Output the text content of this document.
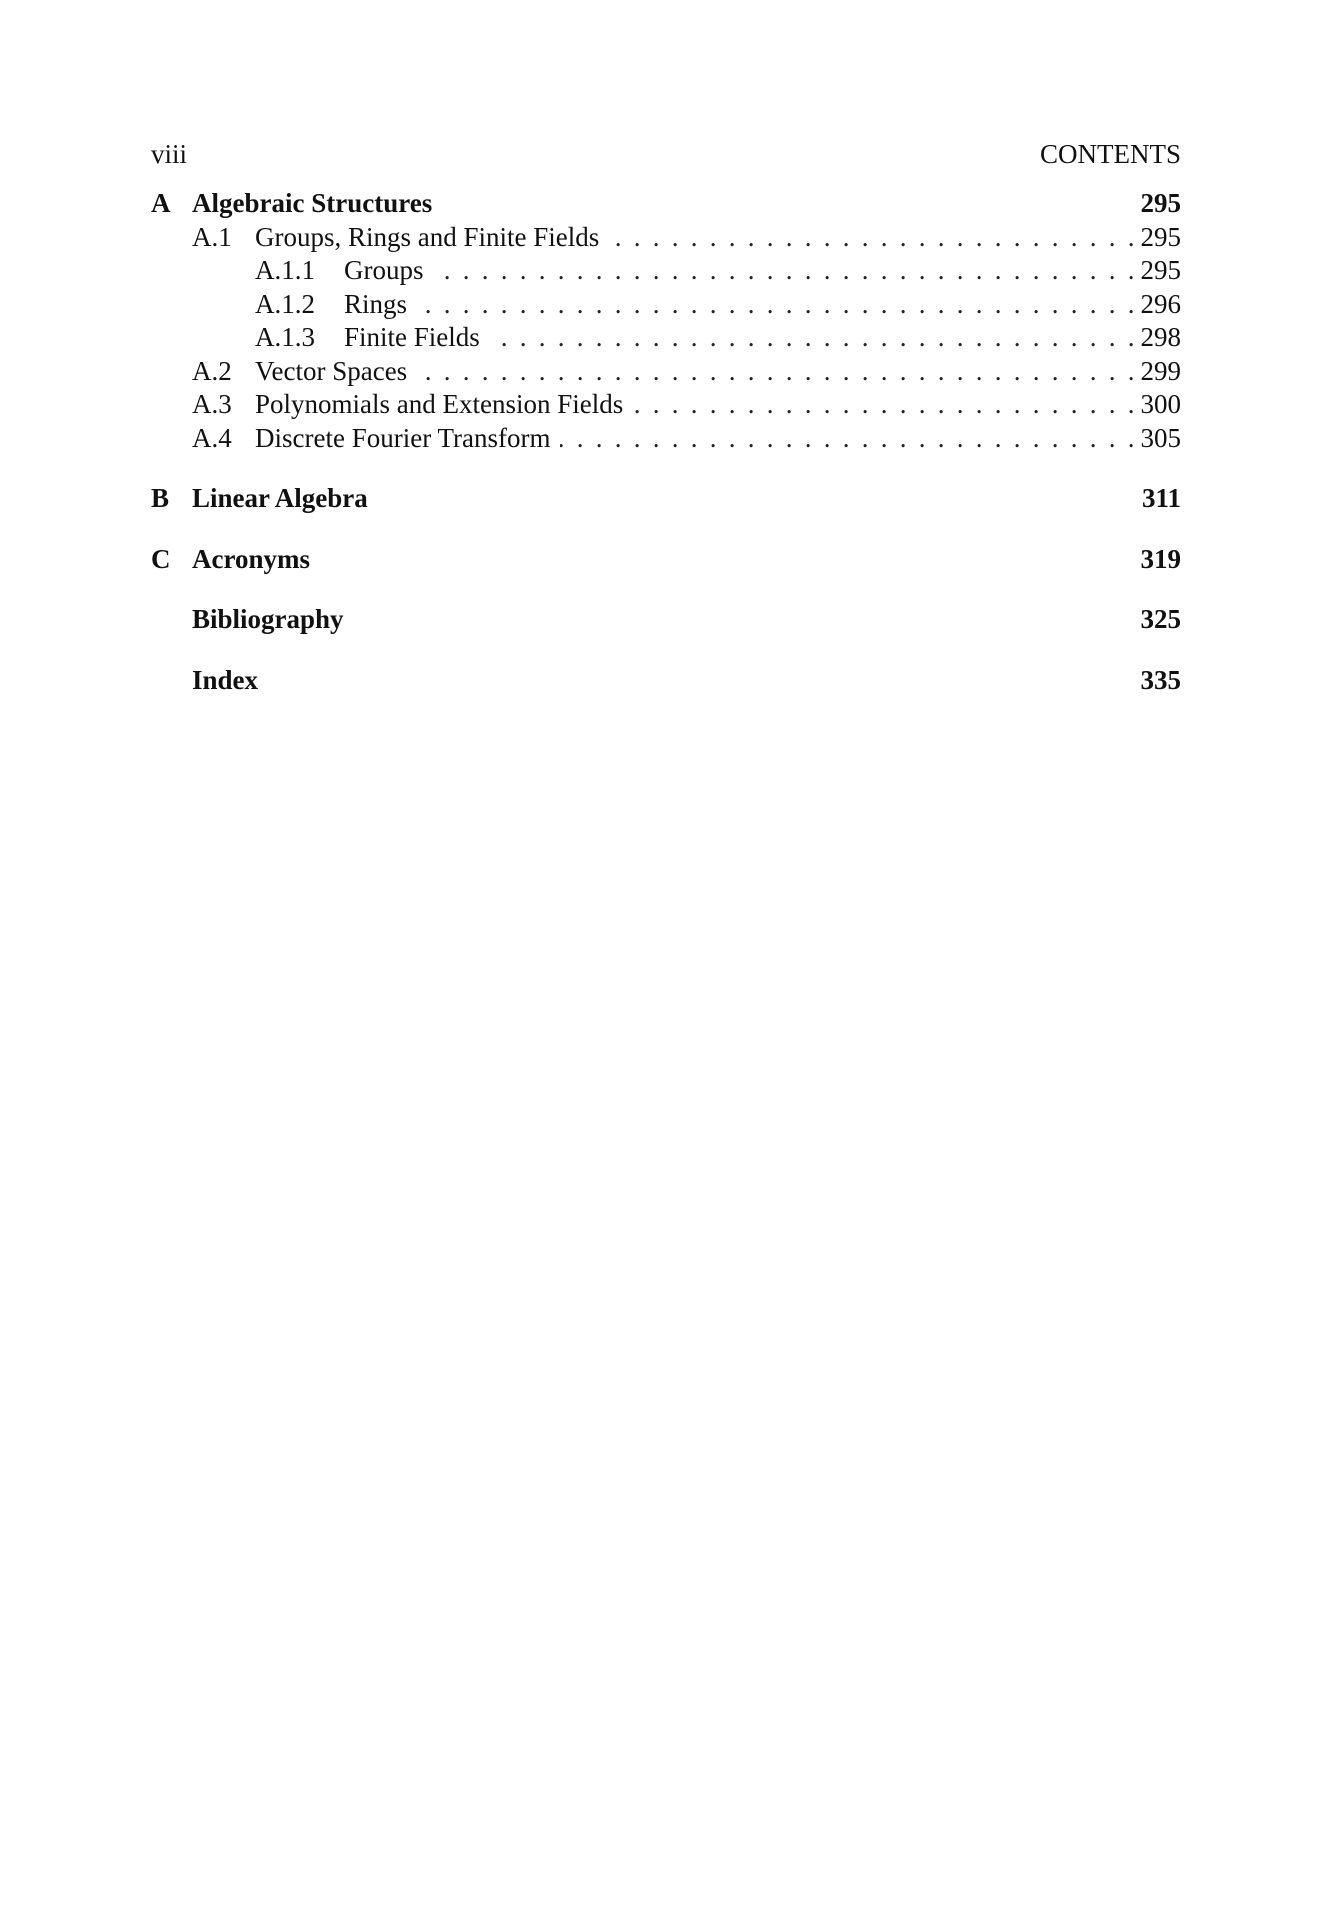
viii	CONTENTS
A Algebraic Structures	295
A.1 Groups, Rings and Finite Fields . . .	295
A.1.1	Groups . . .	295
A.1.2	Rings . . .	296
A.1.3	Finite Fields . . .	298
A.2 Vector Spaces . . .	299
A.3 Polynomials and Extension Fields . . .	300
A.4 Discrete Fourier Transform . . .	305
B Linear Algebra	311
C Acronyms	319
Bibliography	325
Index	335
